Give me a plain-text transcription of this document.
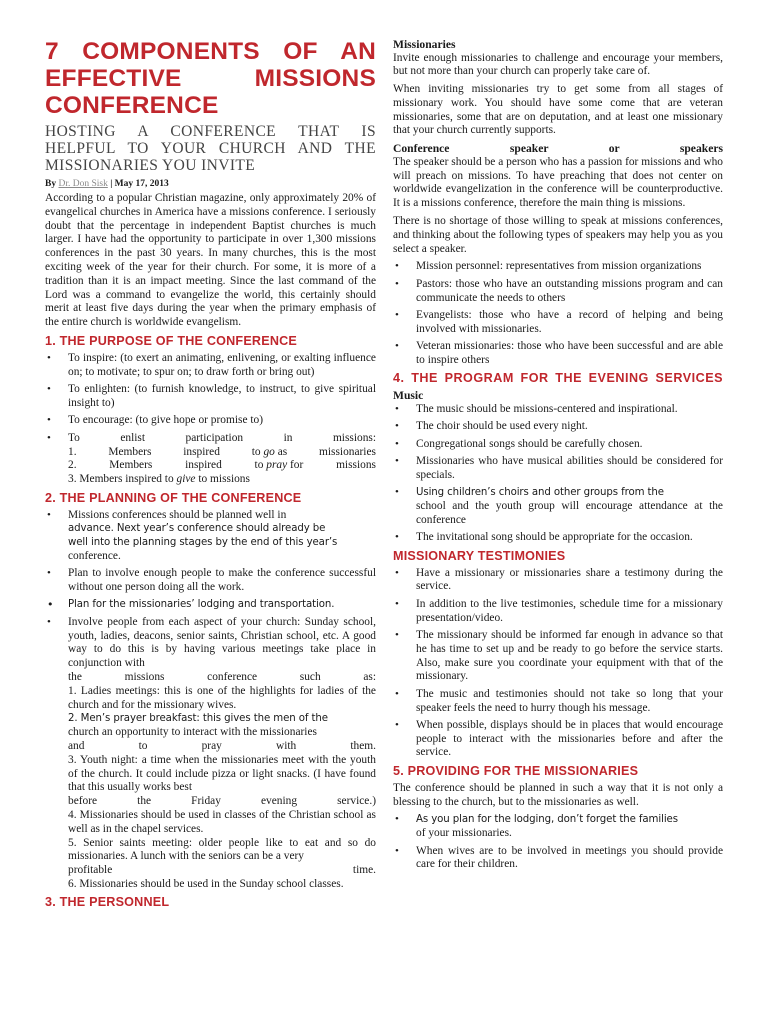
7 COMPONENTS OF AN
EFFECTIVE MISSIONS
CONFERENCE
HOSTING A CONFERENCE THAT IS HELPFUL TO YOUR CHURCH AND THE MISSIONARIES YOU INVITE
By Dr. Don Sisk | May 17, 2013

According to a popular Christian magazine, only approximately 20% of evangelical churches in America have a missions conference. I seriously doubt that the percentage in independent Baptist churches is much larger. I have had the opportunity to participate in over 1,300 missions conferences in the past 30 years. In many churches, this is the most exciting week of the year for their church. For some, it is more of a tradition than it is an impact meeting. Since the last command of the Lord was a command to evangelize the world, this certainly should merit at least five days during the year when the primary emphasis of the entire church is worldwide evangelism.

1. THE PURPOSE OF THE CONFERENCE
• To inspire: (to exert an animating, enlivening, or exalting influence on; to motivate; to spur on; to draw forth or bring out)
• To enlighten: (to furnish knowledge, to instruct, to give spiritual insight to)
• To encourage: (to give hope or promise to)
• To	enlist	participation	in	missions:
1.	Members	inspired	to go as	missionaries
2.	Members	inspired	to pray for	missions
3. Members inspired to give to missions
2. THE PLANNING OF THE CONFERENCE
• Missions conferences should be planned well in
advance. Next year’s conference should already be
well into the planning stages by the end of this year’s
conference.
• Plan to involve enough people to make the conference successful without one person doing all the work.
• Plan for the missionaries’ lodging and transportation.
• Involve people from each aspect of your church: Sunday school, youth, ladies, deacons, senior saints, Christian school, etc. A good way to do this is by having various meetings take place in conjunction with
the missions conference such as:
1. Ladies meetings: this is one of the highlights for ladies of the church and for the missionary wives.
2. Men’s prayer breakfast: this gives the men of the
church an opportunity to interact with the missionaries
and to pray with them.
3. Youth night: a time when the missionaries meet with the youth of the church. It could include pizza or light snacks. (I have found that this usually works best
before the Friday evening service.)
4. Missionaries should be used in classes of the Christian school as well as in the chapel services.
5. Senior saints meeting: older people like to eat and so do missionaries. A lunch with the seniors can be a very
profitable time.
6. Missionaries should be used in the Sunday school classes.
3. THE PERSONNEL
Missionaries

Invite enough missionaries to challenge and encourage your members, but not more than your church can properly take care of.

When inviting missionaries try to get some from all stages of missionary work. You should have some come that are veteran missionaries, some that are on deputation, and at least one missionary that your church currently supports.

Conference speaker or speakers

The speaker should be a person who has a passion for missions and who will preach on missions. To have preaching that does not center on worldwide evangelization in the conference will be counterproductive. It is a missions conference, therefore the main thing is missions.

There is no shortage of those willing to speak at missions conferences, and thinking about the following types of speakers may help you as you select a speaker.

• Mission personnel: representatives from mission organizations
• Pastors: those who have an outstanding missions program and can communicate the needs to others
• Evangelists: those who have a record of helping and being involved with missionaries.
• Veteran missionaries: those who have been successful and are able to inspire others
4. THE PROGRAM FOR THE EVENING SERVICES
Music
• The music should be missions-centered and inspirational.
• The choir should be used every night.
• Congregational songs should be carefully chosen.
• Missionaries who have musical abilities should be considered for specials.
• Using children’s choirs and other groups from the
school and the youth group will encourage attendance at the conference
• The invitational song should be appropriate for the occasion.
MISSIONARY TESTIMONIES
• Have a missionary or missionaries share a testimony during the service.
• In addition to the live testimonies, schedule time for a missionary presentation/video.
• The missionary should be informed far enough in advance so that he has time to set up and be ready to go before the service starts. Also, make sure you coordinate your equipment with that of the missionary.
• The music and testimonies should not take so long that your speaker feels the need to hurry though his message.
• When possible, displays should be in places that would encourage people to interact with the missionaries before and after the service.
5. PROVIDING FOR THE MISSIONARIES

The conference should be planned in such a way that it is not only a blessing to the church, but to the missionaries as well.

• As you plan for the lodging, don’t forget the families
of your missionaries.
• When wives are to be involved in meetings you should provide care for their children.
